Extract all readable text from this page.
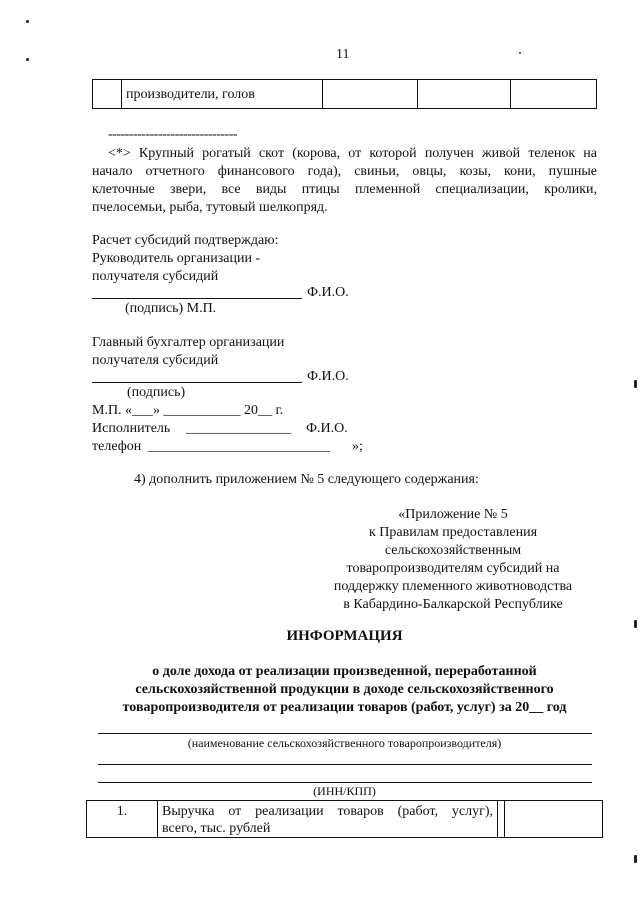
11
	производители, голов			
-------------------------------
<*> Крупный рогатый скот (корова, от которой получен живой теленок на
начало отчетного финансового года), свиньи, овцы, козы, кони, пушные
клеточные звери, все виды птицы племенной специализации, кролики,
пчелосемьи, рыба, тутовый шелкопряд.
Расчет субсидий подтверждаю:
Руководитель организации -
получателя субсидий
Ф.И.О.
(подпись) М.П.
Главный бухгалтер организации
получателя субсидий
Ф.И.О.
(подпись)
М.П. «___» ___________ 20__ г.
Исполнитель _______________ Ф.И.О.
телефон __________________________ »;
4) дополнить приложением № 5 следующего содержания:
«Приложение № 5
к Правилам предоставления
сельскохозяйственным
товаропроизводителям субсидий на
поддержку племенного животноводства
в Кабардино-Балкарской Республике
ИНФОРМАЦИЯ
о доле дохода от реализации произведенной, переработанной
сельскохозяйственной продукции в доходе сельскохозяйственного
товаропроизводителя от реализации товаров (работ, услуг) за 20__ год
(наименование сельскохозяйственного товаропроизводителя)
(ИНН/КПП)
1.	Выручка от реализации товаров (работ, услуг),
всего, тыс. рублей
